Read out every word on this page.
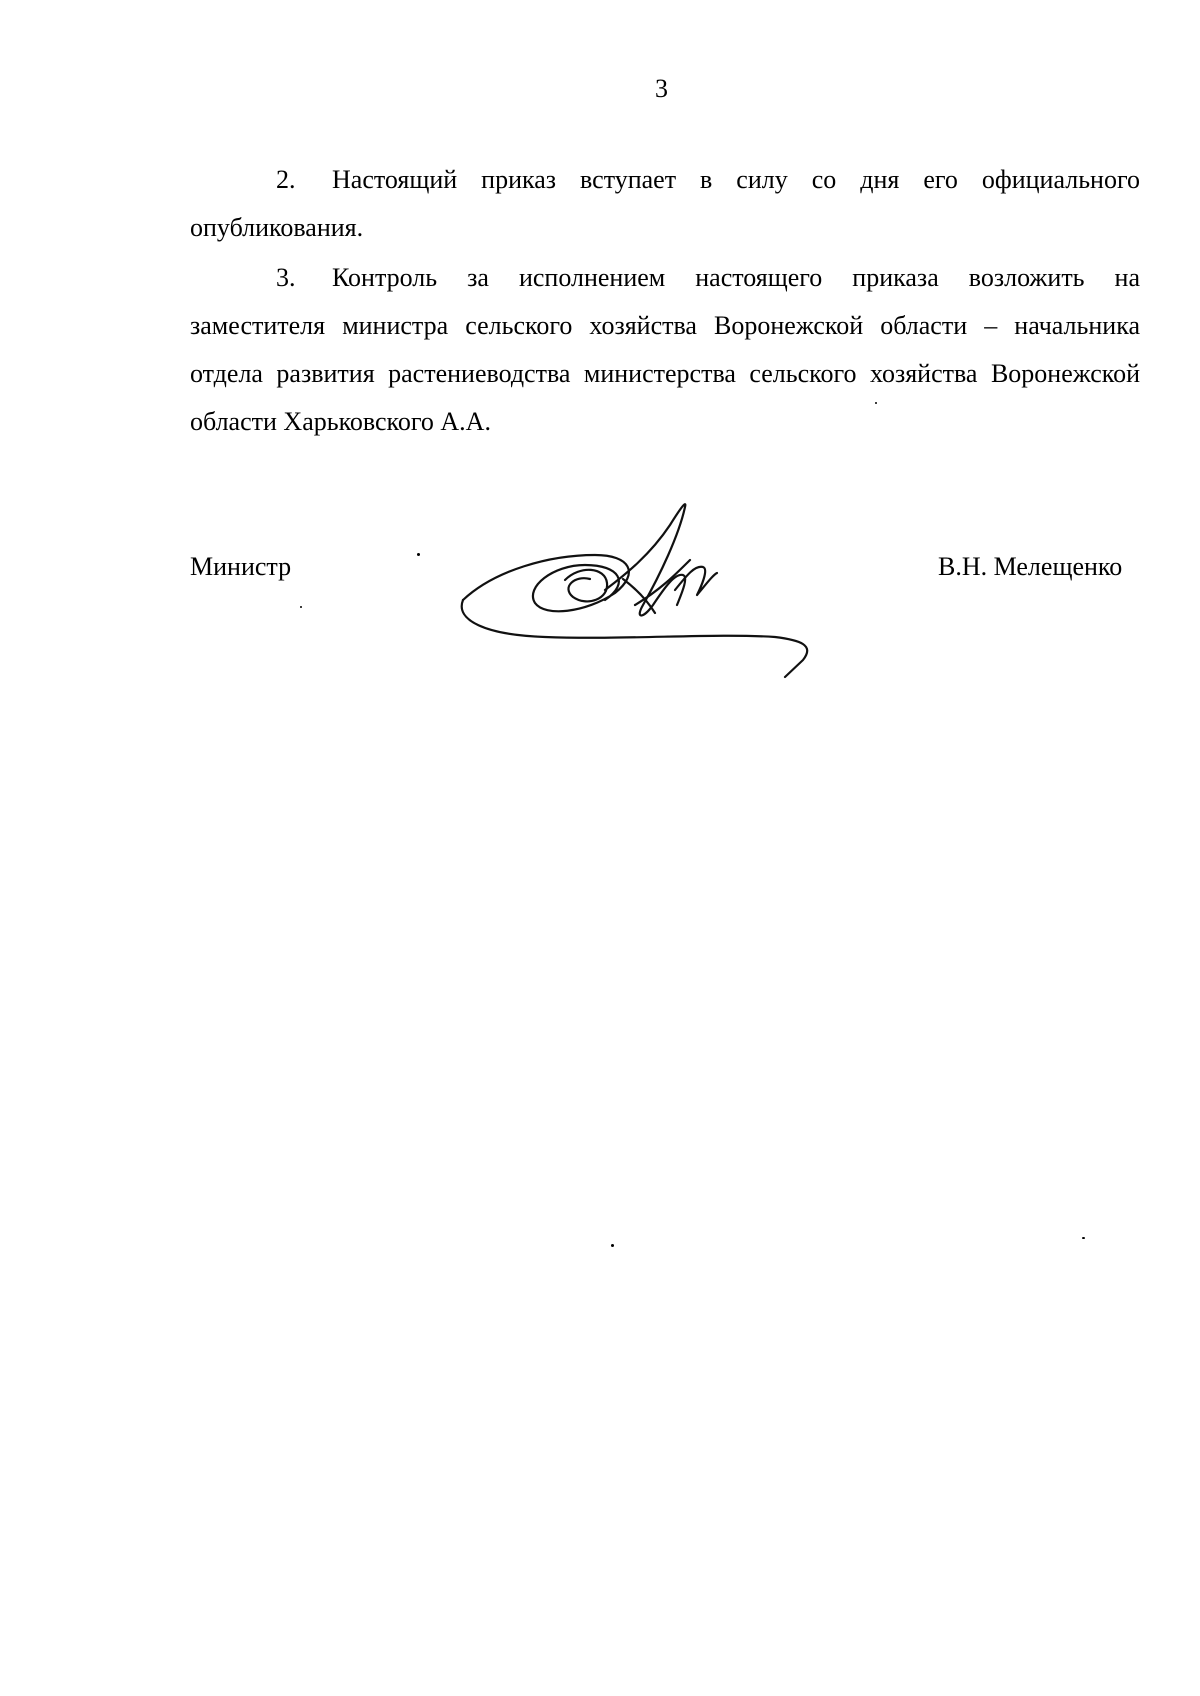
3

2. Настоящий приказ вступает в силу со дня его официального опубликования.

3. Контроль за исполнением настоящего приказа возложить на заместителя министра сельского хозяйства Воронежской области – начальника отдела развития растениеводства министерства сельского хозяйства Воронежской области Харьковского А.А.

Министр	В.Н. Мелещенко
